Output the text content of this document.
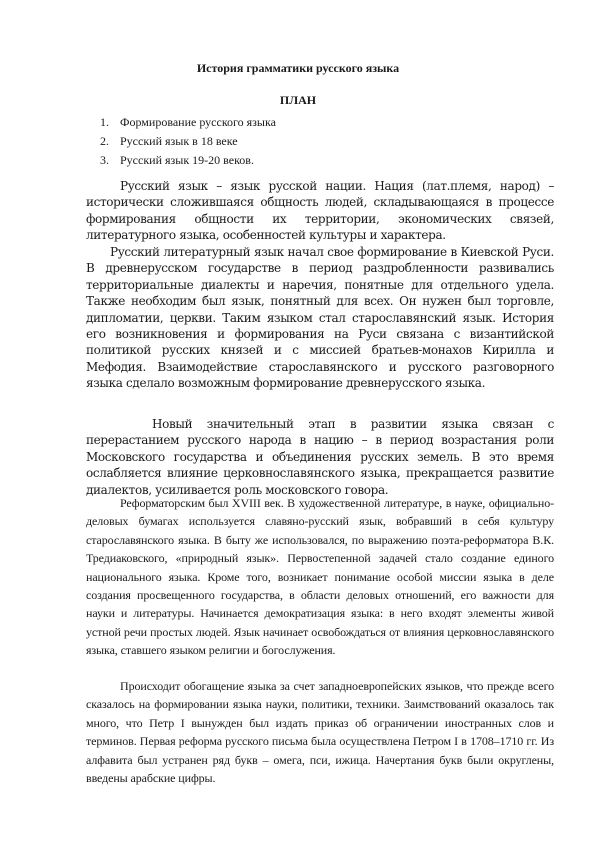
История грамматики русского языка
ПЛАН
1. Формирование русского языка
2. Русский язык в 18 веке
3. Русский язык 19-20 веков.

Русский язык – язык русской нации. Нация (лат.племя, народ) – исторически сложившаяся общность людей, складывающаяся в процессе формирования общности их территории, экономических связей, литературного языка, особенностей культуры и характера.

Русский литературный язык начал свое формирование в Киевской Руси. В древнерусском государстве в период раздробленности развивались территориальные диалекты и наречия, понятные для отдельного удела. Также необходим был язык, понятный для всех. Он нужен был торговле, дипломатии, церкви. Таким языком стал старославянский язык. История его возникновения и формирования на Руси связана с византийской политикой русских князей и с миссией братьев-монахов Кирилла и Мефодия. Взаимодействие старославянского и русского разговорного языка сделало возможным формирование древнерусского языка.

Новый значительный этап в развитии языка связан с перерастанием русского народа в нацию – в период возрастания роли Московского государства и объединения русских земель. В это время ослабляется влияние церковнославянского языка, прекращается развитие диалектов, усиливается роль московского говора.

Реформаторским был XVIII век. В художественной литературе, в науке, официально-деловых бумагах используется славяно-русский язык, вобравший в себя культуру старославянского языка. В быту же использовался, по выражению поэта-реформатора В.К. Тредиаковского, «природный язык». Первостепенной задачей стало создание единого национального языка. Кроме того, возникает понимание особой миссии языка в деле создания просвещенного государства, в области деловых отношений, его важности для науки и литературы. Начинается демократизация языка: в него входят элементы живой устной речи простых людей. Язык начинает освобождаться от влияния церковнославянского языка, ставшего языком религии и богослужения.

Происходит обогащение языка за счет западноевропейских языков, что прежде всего сказалось на формировании языка науки, политики, техники. Заимствований оказалось так много, что Петр I вынужден был издать приказ об ограничении иностранных слов и терминов. Первая реформа русского письма была осуществлена Петром I в 1708–1710 гг. Из алфавита был устранен ряд букв – омега, пси, ижица. Начертания букв были округлены, введены арабские цифры.
